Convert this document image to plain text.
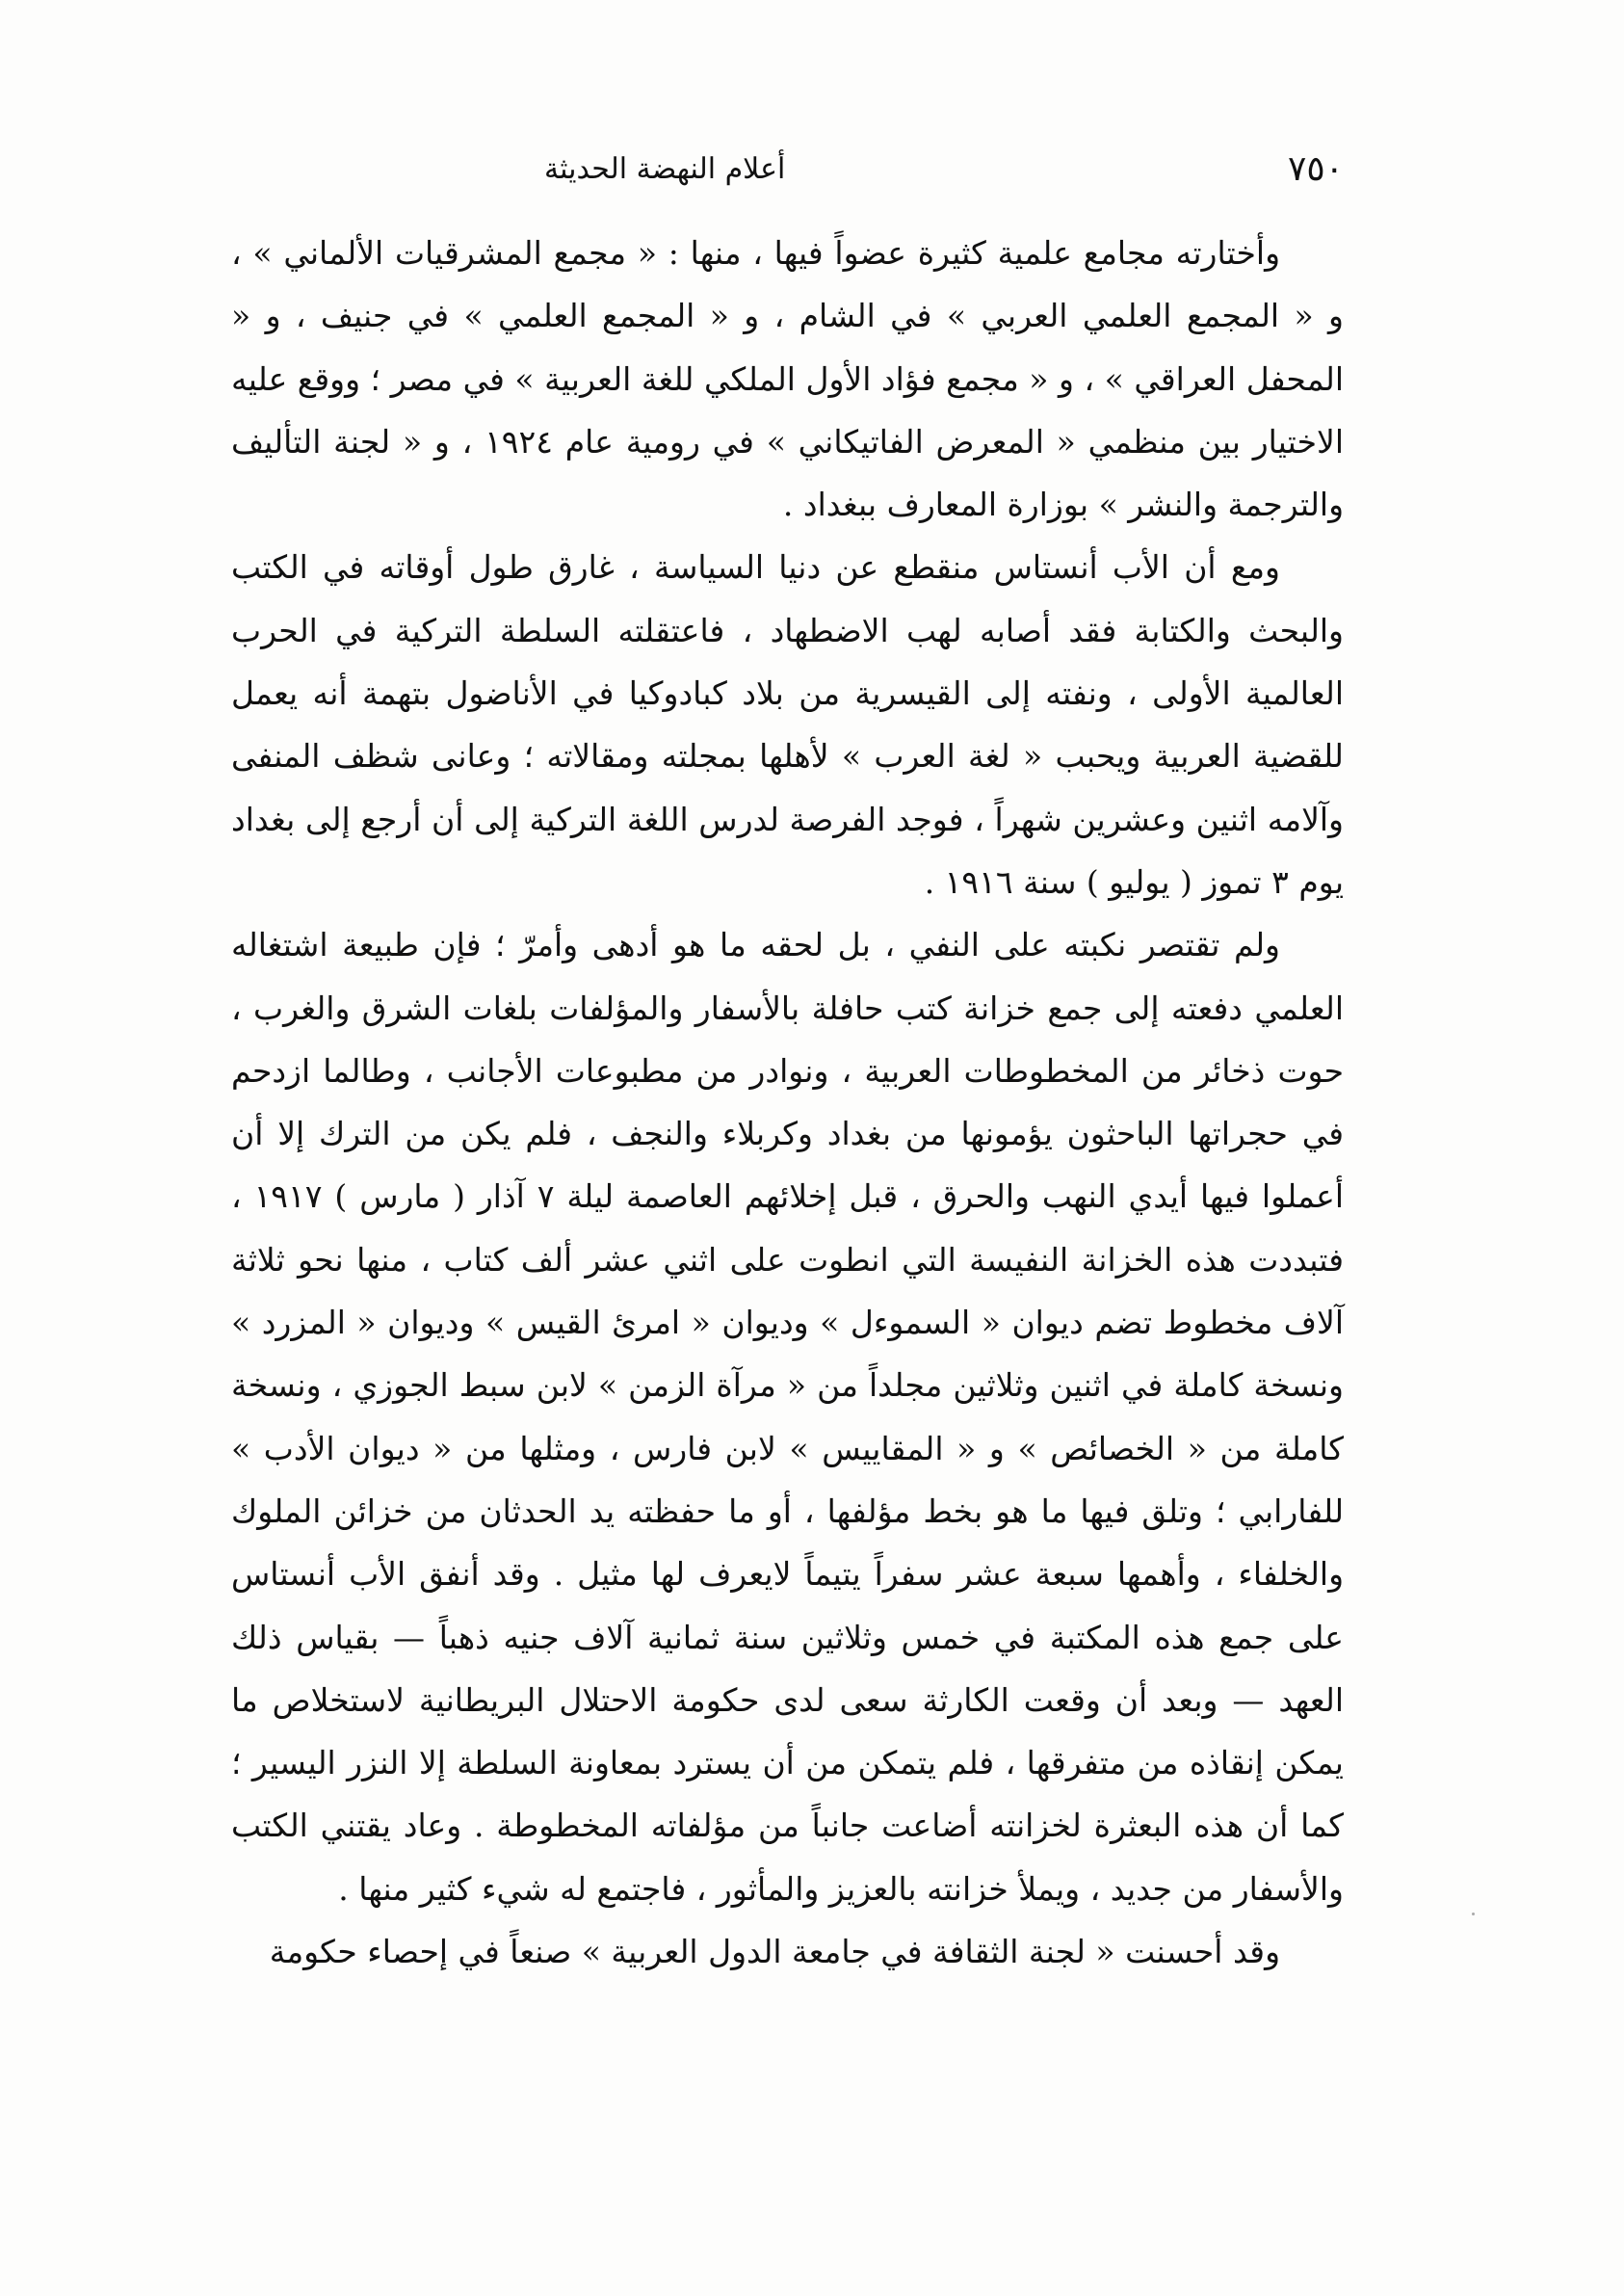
٧٥٠
أعلام النهضة الحديثة

وأختارته مجامع علمية كثيرة عضواً فيها ، منها : « مجمع المشرقيات الألماني » ، و « المجمع العلمي العربي » في الشام ، و « المجمع العلمي » في جنيف ، و « المحفل العراقي » ، و « مجمع فؤاد الأول الملكي للغة العربية » في مصر ؛ ووقع عليه الاختيار بين منظمي « المعرض الفاتيكاني » في رومية عام ١٩٢٤ ، و « لجنة التأليف والترجمة والنشر » بوزارة المعارف ببغداد .

ومع أن الأب أنستاس منقطع عن دنيا السياسة ، غارق طول أوقاته في الكتب والبحث والكتابة فقد أصابه لهب الاضطهاد ، فاعتقلته السلطة التركية في الحرب العالمية الأولى ، ونفته إلى القيسرية من بلاد كبادوكيا في الأناضول بتهمة أنه يعمل للقضية العربية ويحبب « لغة العرب » لأهلها بمجلته ومقالاته ؛ وعانى شظف المنفى وآلامه اثنين وعشرين شهراً ، فوجد الفرصة لدرس اللغة التركية إلى أن أرجع إلى بغداد يوم ٣ تموز ( يوليو ) سنة ١٩١٦ .

ولم تقتصر نكبته على النفي ، بل لحقه ما هو أدهى وأمرّ ؛ فإن طبيعة اشتغاله العلمي دفعته إلى جمع خزانة كتب حافلة بالأسفار والمؤلفات بلغات الشرق والغرب ، حوت ذخائر من المخطوطات العربية ، ونوادر من مطبوعات الأجانب ، وطالما ازدحم في حجراتها الباحثون يؤمونها من بغداد وكربلاء والنجف ، فلم يكن من الترك إلا أن أعملوا فيها أيدي النهب والحرق ، قبل إخلائهم العاصمة ليلة ٧ آذار ( مارس ) ١٩١٧ ، فتبددت هذه الخزانة النفيسة التي انطوت على اثني عشر ألف كتاب ، منها نحو ثلاثة آلاف مخطوط تضم ديوان « السموءل » وديوان « امرئ القيس » وديوان « المزرد » ونسخة كاملة في اثنين وثلاثين مجلداً من « مرآة الزمن » لابن سبط الجوزي ، ونسخة كاملة من « الخصائص » و « المقاييس » لابن فارس ، ومثلها من « ديوان الأدب » للفارابي ؛ وتلق فيها ما هو بخط مؤلفها ، أو ما حفظته يد الحدثان من خزائن الملوك والخلفاء ، وأهمها سبعة عشر سفراً يتيماً لايعرف لها مثيل . وقد أنفق الأب أنستاس على جمع هذه المكتبة في خمس وثلاثين سنة ثمانية آلاف جنيه ذهباً — بقياس ذلك العهد — وبعد أن وقعت الكارثة سعى لدى حكومة الاحتلال البريطانية لاستخلاص ما يمكن إنقاذه من متفرقها ، فلم يتمكن من أن يسترد بمعاونة السلطة إلا النزر اليسير ؛ كما أن هذه البعثرة لخزانته أضاعت جانباً من مؤلفاته المخطوطة . وعاد يقتني الكتب والأسفار من جديد ، ويملأ خزانته بالعزيز والمأثور ، فاجتمع له شيء كثير منها .

وقد أحسنت « لجنة الثقافة في جامعة الدول العربية » صنعاً في إحصاء حكومة
